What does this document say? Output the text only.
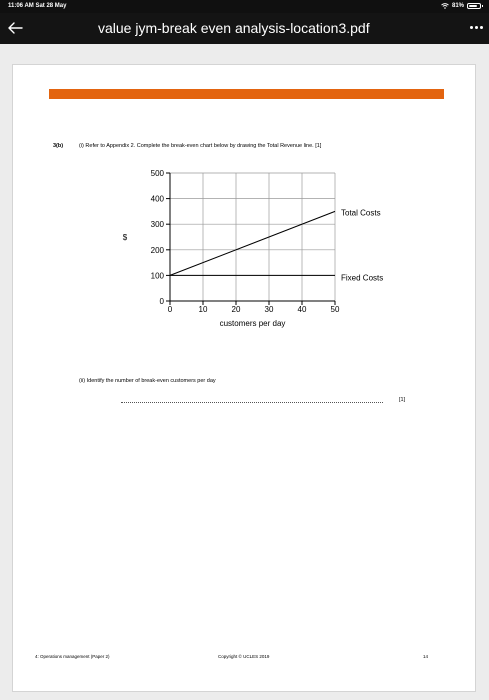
11:06 AM Sat 28 May	81%
value jym-break even analysis-location3.pdf
3(b)	(i) Refer to Appendix 2. Complete the break-even chart below by drawing the Total Revenue line. [1]
0	10	20	30	40	50
0
100
200
300
400
500
Total Costs
Fixed Costs
customers per day
$
(ii) Identify the number of break-even customers per day
[1]
4: Operations management (Paper 2)	Copyright © UCLES 2019	14
